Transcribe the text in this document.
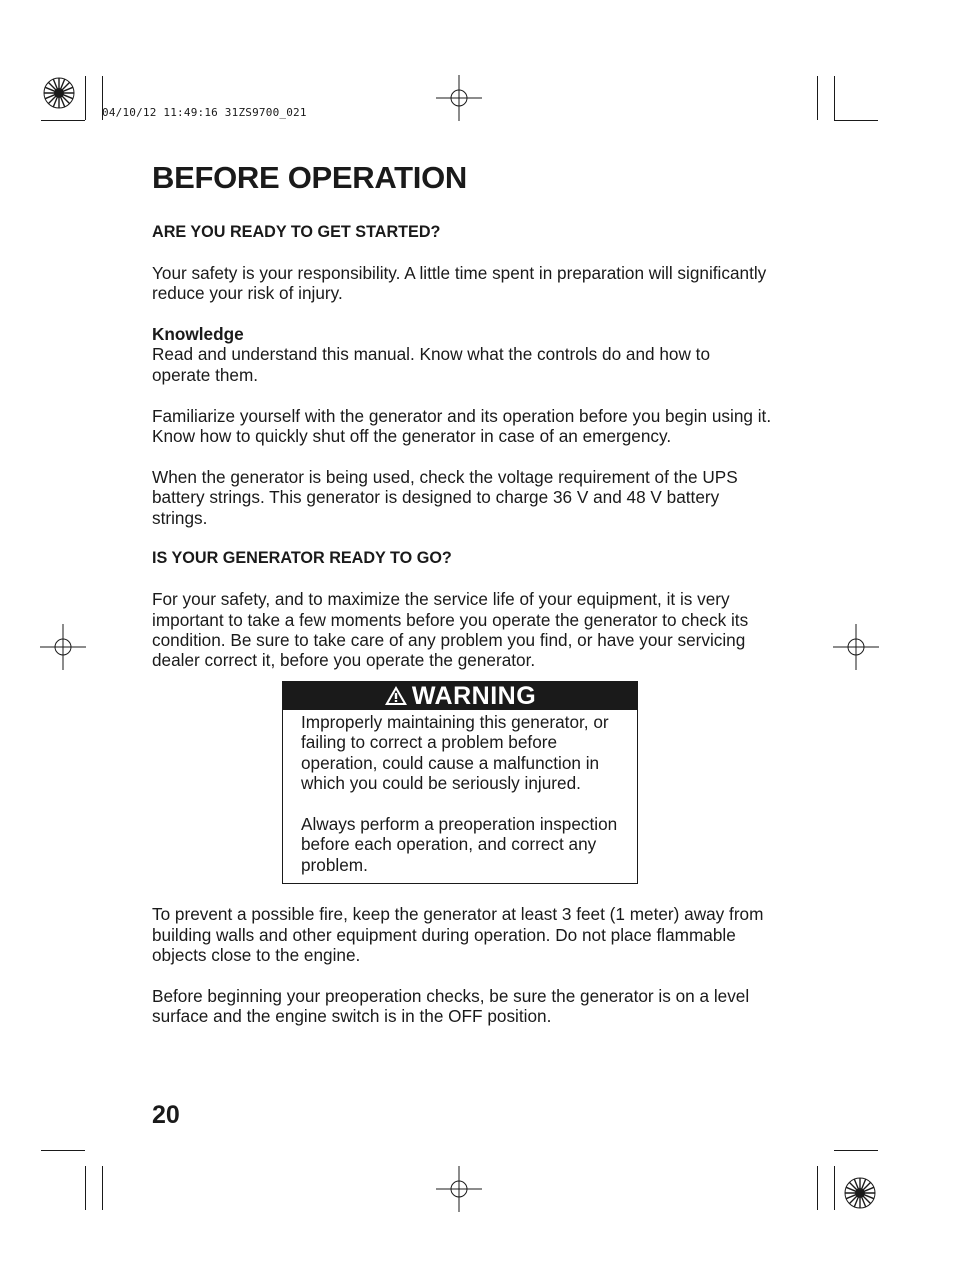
04/10/12 11:49:16 31ZS9700_021
BEFORE OPERATION

ARE YOU READY TO GET STARTED?

Your safety is your responsibility. A little time spent in preparation will significantly reduce your risk of injury.

Knowledge

Read and understand this manual. Know what the controls do and how to operate them.

Familiarize yourself with the generator and its operation before you begin using it. Know how to quickly shut off the generator in case of an emergency.

When the generator is being used, check the voltage requirement of the UPS battery strings. This generator is designed to charge 36 V and 48 V battery strings.

IS YOUR GENERATOR READY TO GO?

For your safety, and to maximize the service life of your equipment, it is very important to take a few moments before you operate the generator to check its condition. Be sure to take care of any problem you find, or have your servicing dealer correct it, before you operate the generator.

WARNING

Improperly maintaining this generator, or failing to correct a problem before operation, could cause a malfunction in which you could be seriously injured.

Always perform a preoperation inspection before each operation, and correct any problem.

To prevent a possible fire, keep the generator at least 3 feet (1 meter) away from building walls and other equipment during operation. Do not place flammable objects close to the engine.

Before beginning your preoperation checks, be sure the generator is on a level surface and the engine switch is in the OFF position.

20
